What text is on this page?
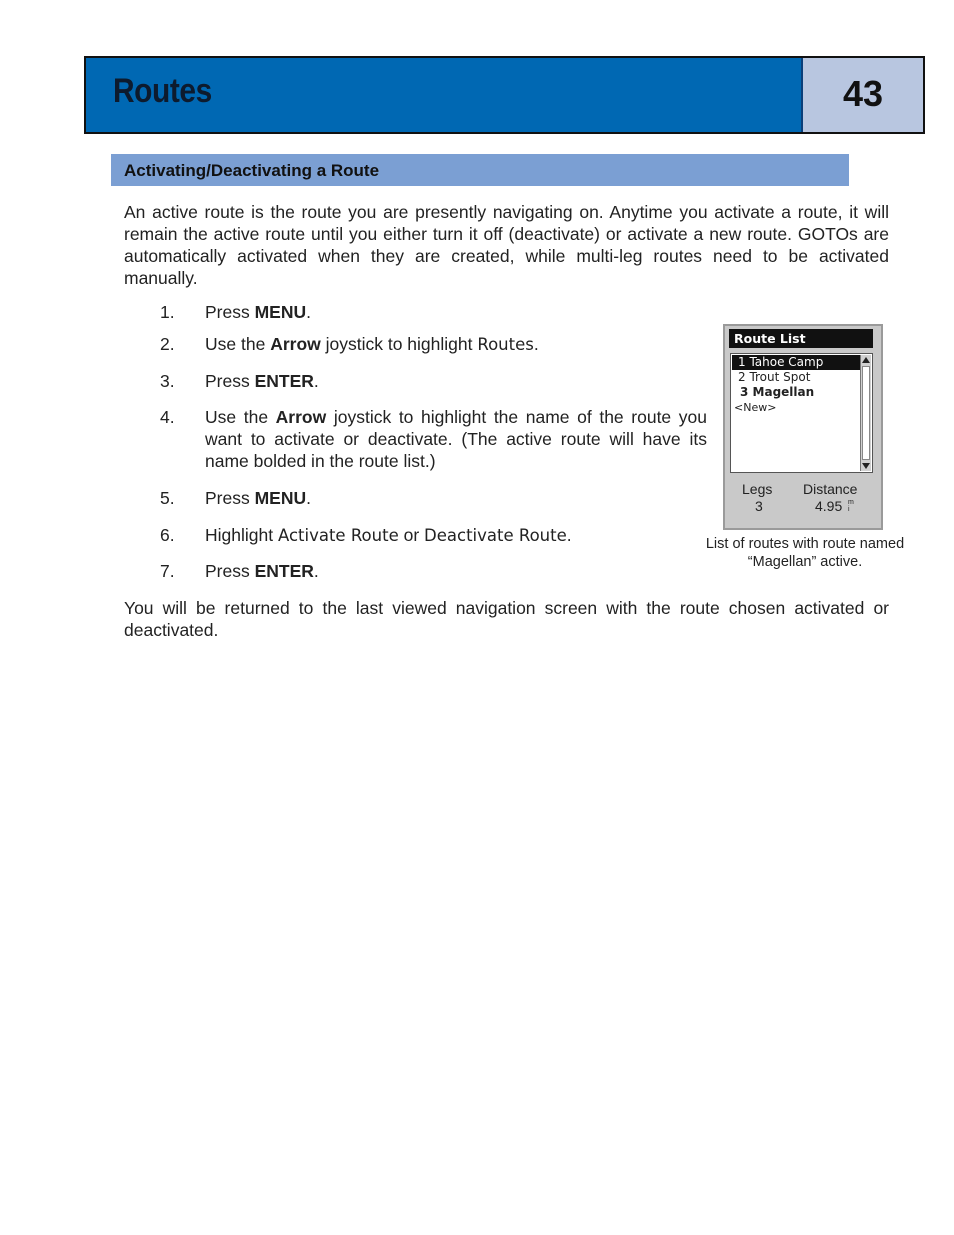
Routes	43
Activating/Deactivating a Route
An active route is the route you are presently navigating on. Anytime you activate a route, it will remain the active route until you either turn it off (deactivate) or activate a new route. GOTOs are automatically activated when they are created, while multi-leg routes need to be activated manually.
1. Press MENU.
2. Use the Arrow joystick to highlight Routes.
3. Press ENTER.
4. Use the Arrow joystick to highlight the name of the route you want to activate or deactivate. (The active route will have its name bolded in the route list.)
5. Press MENU.
6. Highlight Activate Route or Deactivate Route.
7. Press ENTER.
You will be returned to the last viewed navigation screen with the route chosen activated or deactivated.
Route List
1 Tahoe Camp
2 Trout Spot
3 Magellan
<New>
Legs
3
Distance
4.95 mi
List of routes with route named “Magellan” active.
